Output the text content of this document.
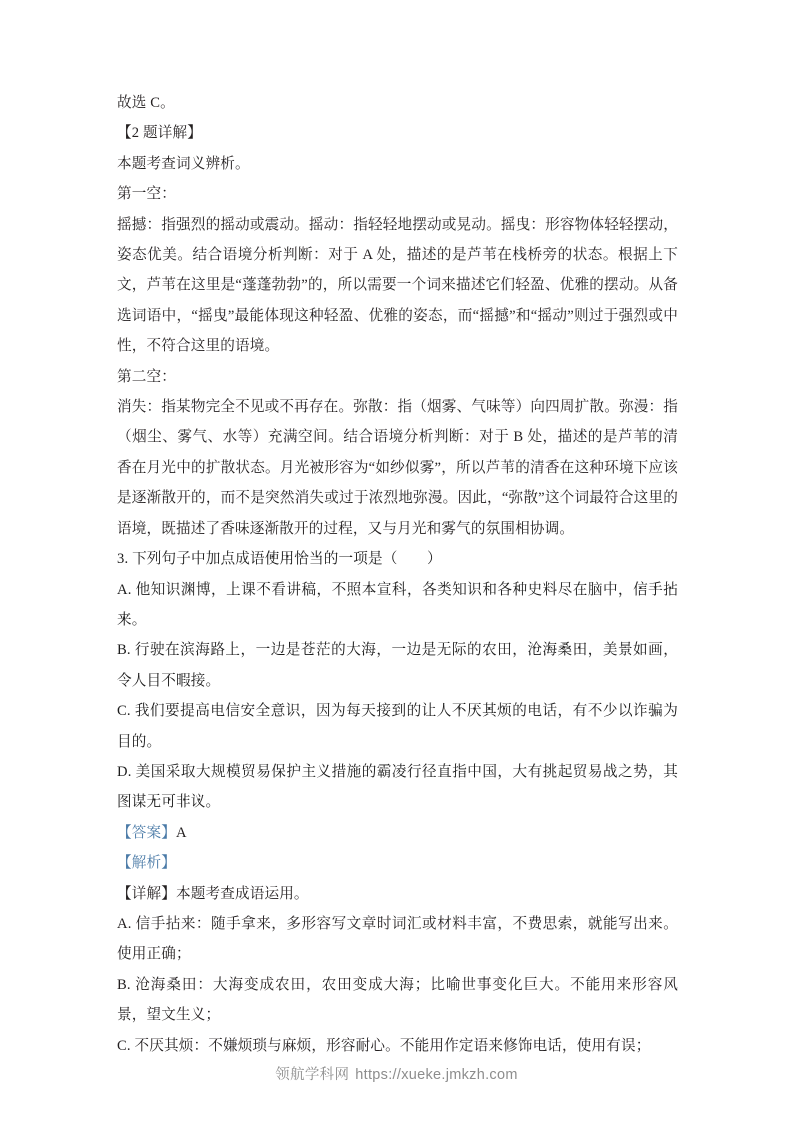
故选 C。
【2 题详解】
本题考查词义辨析。
第一空：
摇撼：指强烈的摇动或震动。摇动：指轻轻地摆动或晃动。摇曳：形容物体轻轻摆动，姿态优美。结合语境分析判断：对于 A 处，描述的是芦苇在栈桥旁的状态。根据上下文，芦苇在这里是“蓬蓬勃勃”的，所以需要一个词来描述它们轻盈、优雅的摆动。从备选词语中，“摇曳”最能体现这种轻盈、优雅的姿态，而“摇撼”和“摇动”则过于强烈或中性，不符合这里的语境。
第二空：
消失：指某物完全不见或不再存在。弥散：指（烟雾、气味等）向四周扩散。弥漫：指（烟尘、雾气、水等）充满空间。结合语境分析判断：对于 B 处，描述的是芦苇的清香在月光中的扩散状态。月光被形容为“如纱似雾”，所以芦苇的清香在这种环境下应该是逐渐散开的，而不是突然消失或过于浓烈地弥漫。因此，“弥散”这个词最符合这里的语境，既描述了香味逐渐散开的过程，又与月光和雾气的氛围相协调。
3. 下列句子中加点成语使用恰当的一项是（　　）
A. 他知识渊博，上课不看讲稿，不照本宣科，各类知识和各种史料尽在脑中，信手拈来。
B. 行驶在滨海路上，一边是苍茫的大海，一边是无际的农田，沧海桑田，美景如画，令人目不暇接。
C. 我们要提高电信安全意识，因为每天接到的让人不厌其烦的电话，有不少以诈骗为目的。
D. 美国采取大规模贸易保护主义措施的霸凌行径直指中国，大有挑起贸易战之势，其图谋无可非议。
【答案】A
【解析】
【详解】本题考查成语运用。
A. 信手拈来：随手拿来，多形容写文章时词汇或材料丰富，不费思索，就能写出来。使用正确；
B. 沧海桑田：大海变成农田，农田变成大海；比喻世事变化巨大。不能用来形容风景，望文生义；
C. 不厌其烦：不嫌烦琐与麻烦，形容耐心。不能用作定语来修饰电话，使用有误；
领航学科网 https://xueke.jmkzh.com
